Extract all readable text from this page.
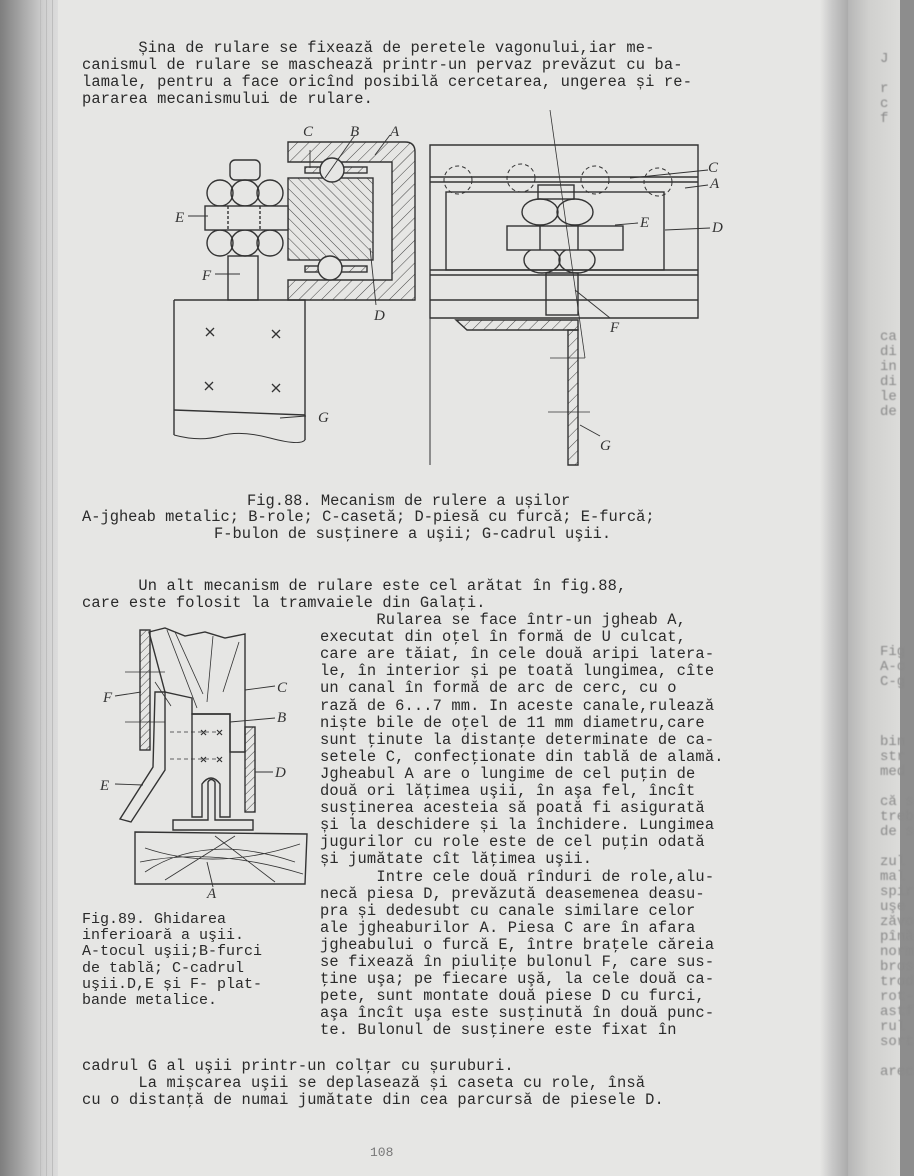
J

r
c
f
ca
di
in
di
le
de
Fig
A-c
C-g
bin
str
med

că s
treb
de s

zul
mal
spir
uşe
zăvo
pînă
norm
bros
trod
rot-
astf
rul
sort

arec
Șina de rulare se fixează de peretele vagonului,iar me-
canismul de rulare se maschează printr-un pervaz prevăzut cu ba-
lamale, pentru a face oricînd posibilă cercetarea, ungerea și re-
pararea mecanismului de rulare.
C B A
D
E
F
G
C
A
E	D
F
G
Fig.88. Mecanism de rulere a ușilor
A-jgheab metalic; B-role; C-casetă; D-piesă cu furcă; E-furcă;
F-bulon de susţinere a uşii; G-cadrul uşii.
Un alt mecanism de rulare este cel arătat în fig.88,
care este folosit la tramvaiele din Galaţi.
Rularea se face într-un jgheab A,
executat din oţel în formă de U culcat,
care are tăiat, în cele două aripi latera-
le, în interior și pe toată lungimea, cîte
un canal în formă de arc de cerc, cu o
rază de 6...7 mm. In aceste canale,rulează
niște bile de oţel de 11 mm diametru,care
sunt ţinute la distanţe determinate de ca-
setele C, confecţionate din tablă de alamă.
Jgheabul A are o lungime de cel puţin de
două ori lăţimea uşii, în aşa fel, încît
susţinerea acesteia să poată fi asigurată
și la deschidere și la închidere. Lungimea
jugurilor cu role este de cel puţin odată
și jumătate cît lăţimea uşii.
Intre cele două rînduri de role,alu-
necă piesa D, prevăzută deasemenea deasu-
pra și dedesubt cu canale similare celor
ale jgheaburilor A. Piesa C are în afara
jgheabului o furcă E, între braţele căreia
se fixează în piuliţe bulonul F, care sus-
ţine uşa; pe fiecare uşă, la cele două ca-
pete, sunt montate două piese D cu furci,
aşa încît uşa este susţinută în două punc-
te. Bulonul de susţinere este fixat în
F
C
B
D
E
A
Fig.89. Ghidarea
inferioară a uşii.
A-tocul uşii;B-furci
de tablă; C-cadrul
uşii.D,E și F- plat-
bande metalice.
cadrul G al uşii printr-un colţar cu șuruburi.
La mișcarea uşii se deplasează și caseta cu role, însă
cu o distanţă de numai jumătate din cea parcursă de piesele D.
108
